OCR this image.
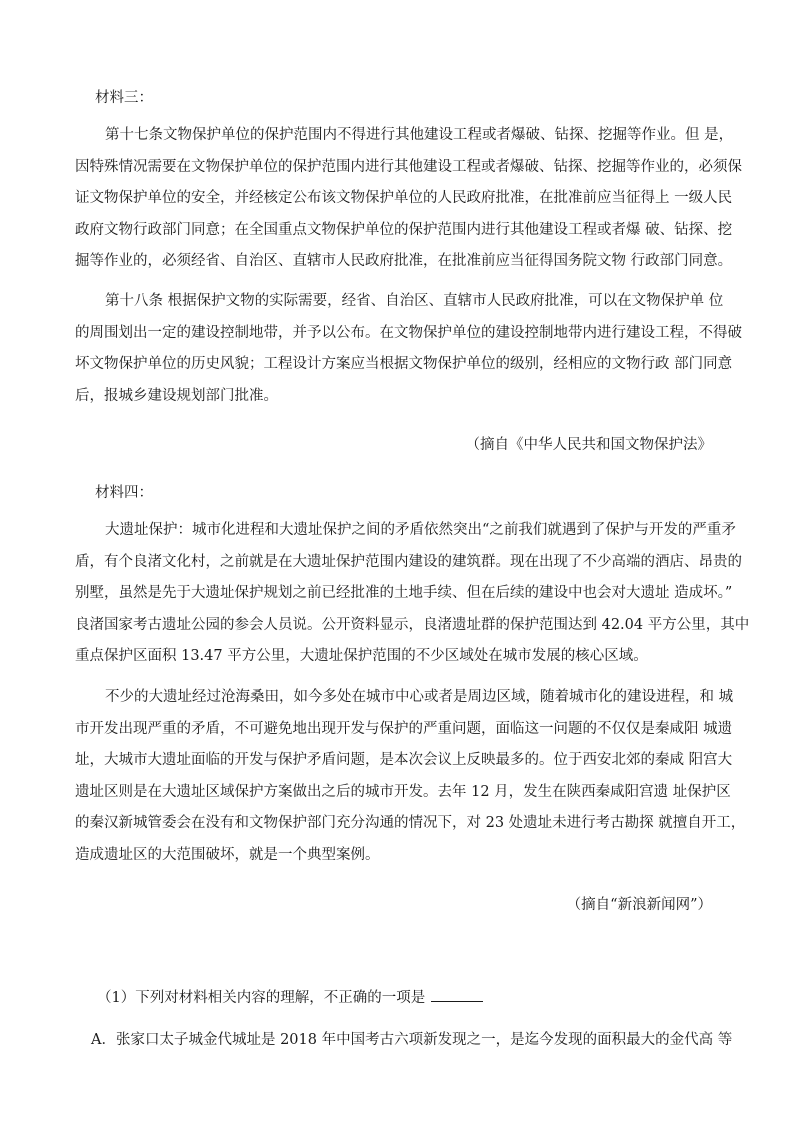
材料三：

第十七条文物保护单位的保护范围内不得进行其他建设工程或者爆破、钻探、挖掘等作业。但 是，

因特殊情况需要在文物保护单位的保护范围内进行其他建设工程或者爆破、钻探、挖掘等作业的，必须保

证文物保护单位的安全，并经核定公布该文物保护单位的人民政府批准，在批准前应当征得上 一级人民

政府文物行政部门同意；在全国重点文物保护单位的保护范围内进行其他建设工程或者爆 破、钻探、挖

掘等作业的，必须经省、自治区、直辖市人民政府批准，在批准前应当征得国务院文物 行政部门同意。

第十八条 根据保护文物的实际需要，经省、自治区、直辖市人民政府批准，可以在文物保护单 位

的周围划出一定的建设控制地带，并予以公布。在文物保护单位的建设控制地带内进行建设工程，不得破

坏文物保护单位的历史风貌；工程设计方案应当根据文物保护单位的级别，经相应的文物行政 部门同意

后，报城乡建设规划部门批准。

（摘自《中华人民共和国文物保护法》
材料四：

大遗址保护：城市化进程和大遗址保护之间的矛盾依然突出“之前我们就遇到了保护与开发的严重矛

盾，有个良渚文化村，之前就是在大遗址保护范围内建设的建筑群。现在出现了不少高端的酒店、昂贵的

别墅，虽然是先于大遗址保护规划之前已经批准的土地手续、但在后续的建设中也会对大遗址 造成坏。”

良渚国家考古遗址公园的参会人员说。公开资料显示，良渚遗址群的保护范围达到 42.04 平方公里，其中

重点保护区面积 13.47 平方公里，大遗址保护范围的不少区域处在城市发展的核心区域。

不少的大遗址经过沧海桑田，如今多处在城市中心或者是周边区域，随着城市化的建设进程，和 城

市开发出现严重的矛盾，不可避免地出现开发与保护的严重问题，面临这一问题的不仅仅是秦咸阳 城遗

址，大城市大遗址面临的开发与保护矛盾问题，是本次会议上反映最多的。位于西安北郊的秦咸 阳宫大

遗址区则是在大遗址区域保护方案做出之后的城市开发。去年 12 月，发生在陕西秦咸阳宫遗 址保护区

的秦汉新城管委会在没有和文物保护部门充分沟通的情况下，对 23 处遗址未进行考古勘探 就擅自开工，

造成遗址区的大范围破坏，就是一个典型案例。

（摘自“新浪新闻网”）
（1）下列对材料相关内容的理解，不正确的一项是
A．张家口太子城金代城址是 2018 年中国考古六项新发现之一，是迄今发现的面积最大的金代高 等
